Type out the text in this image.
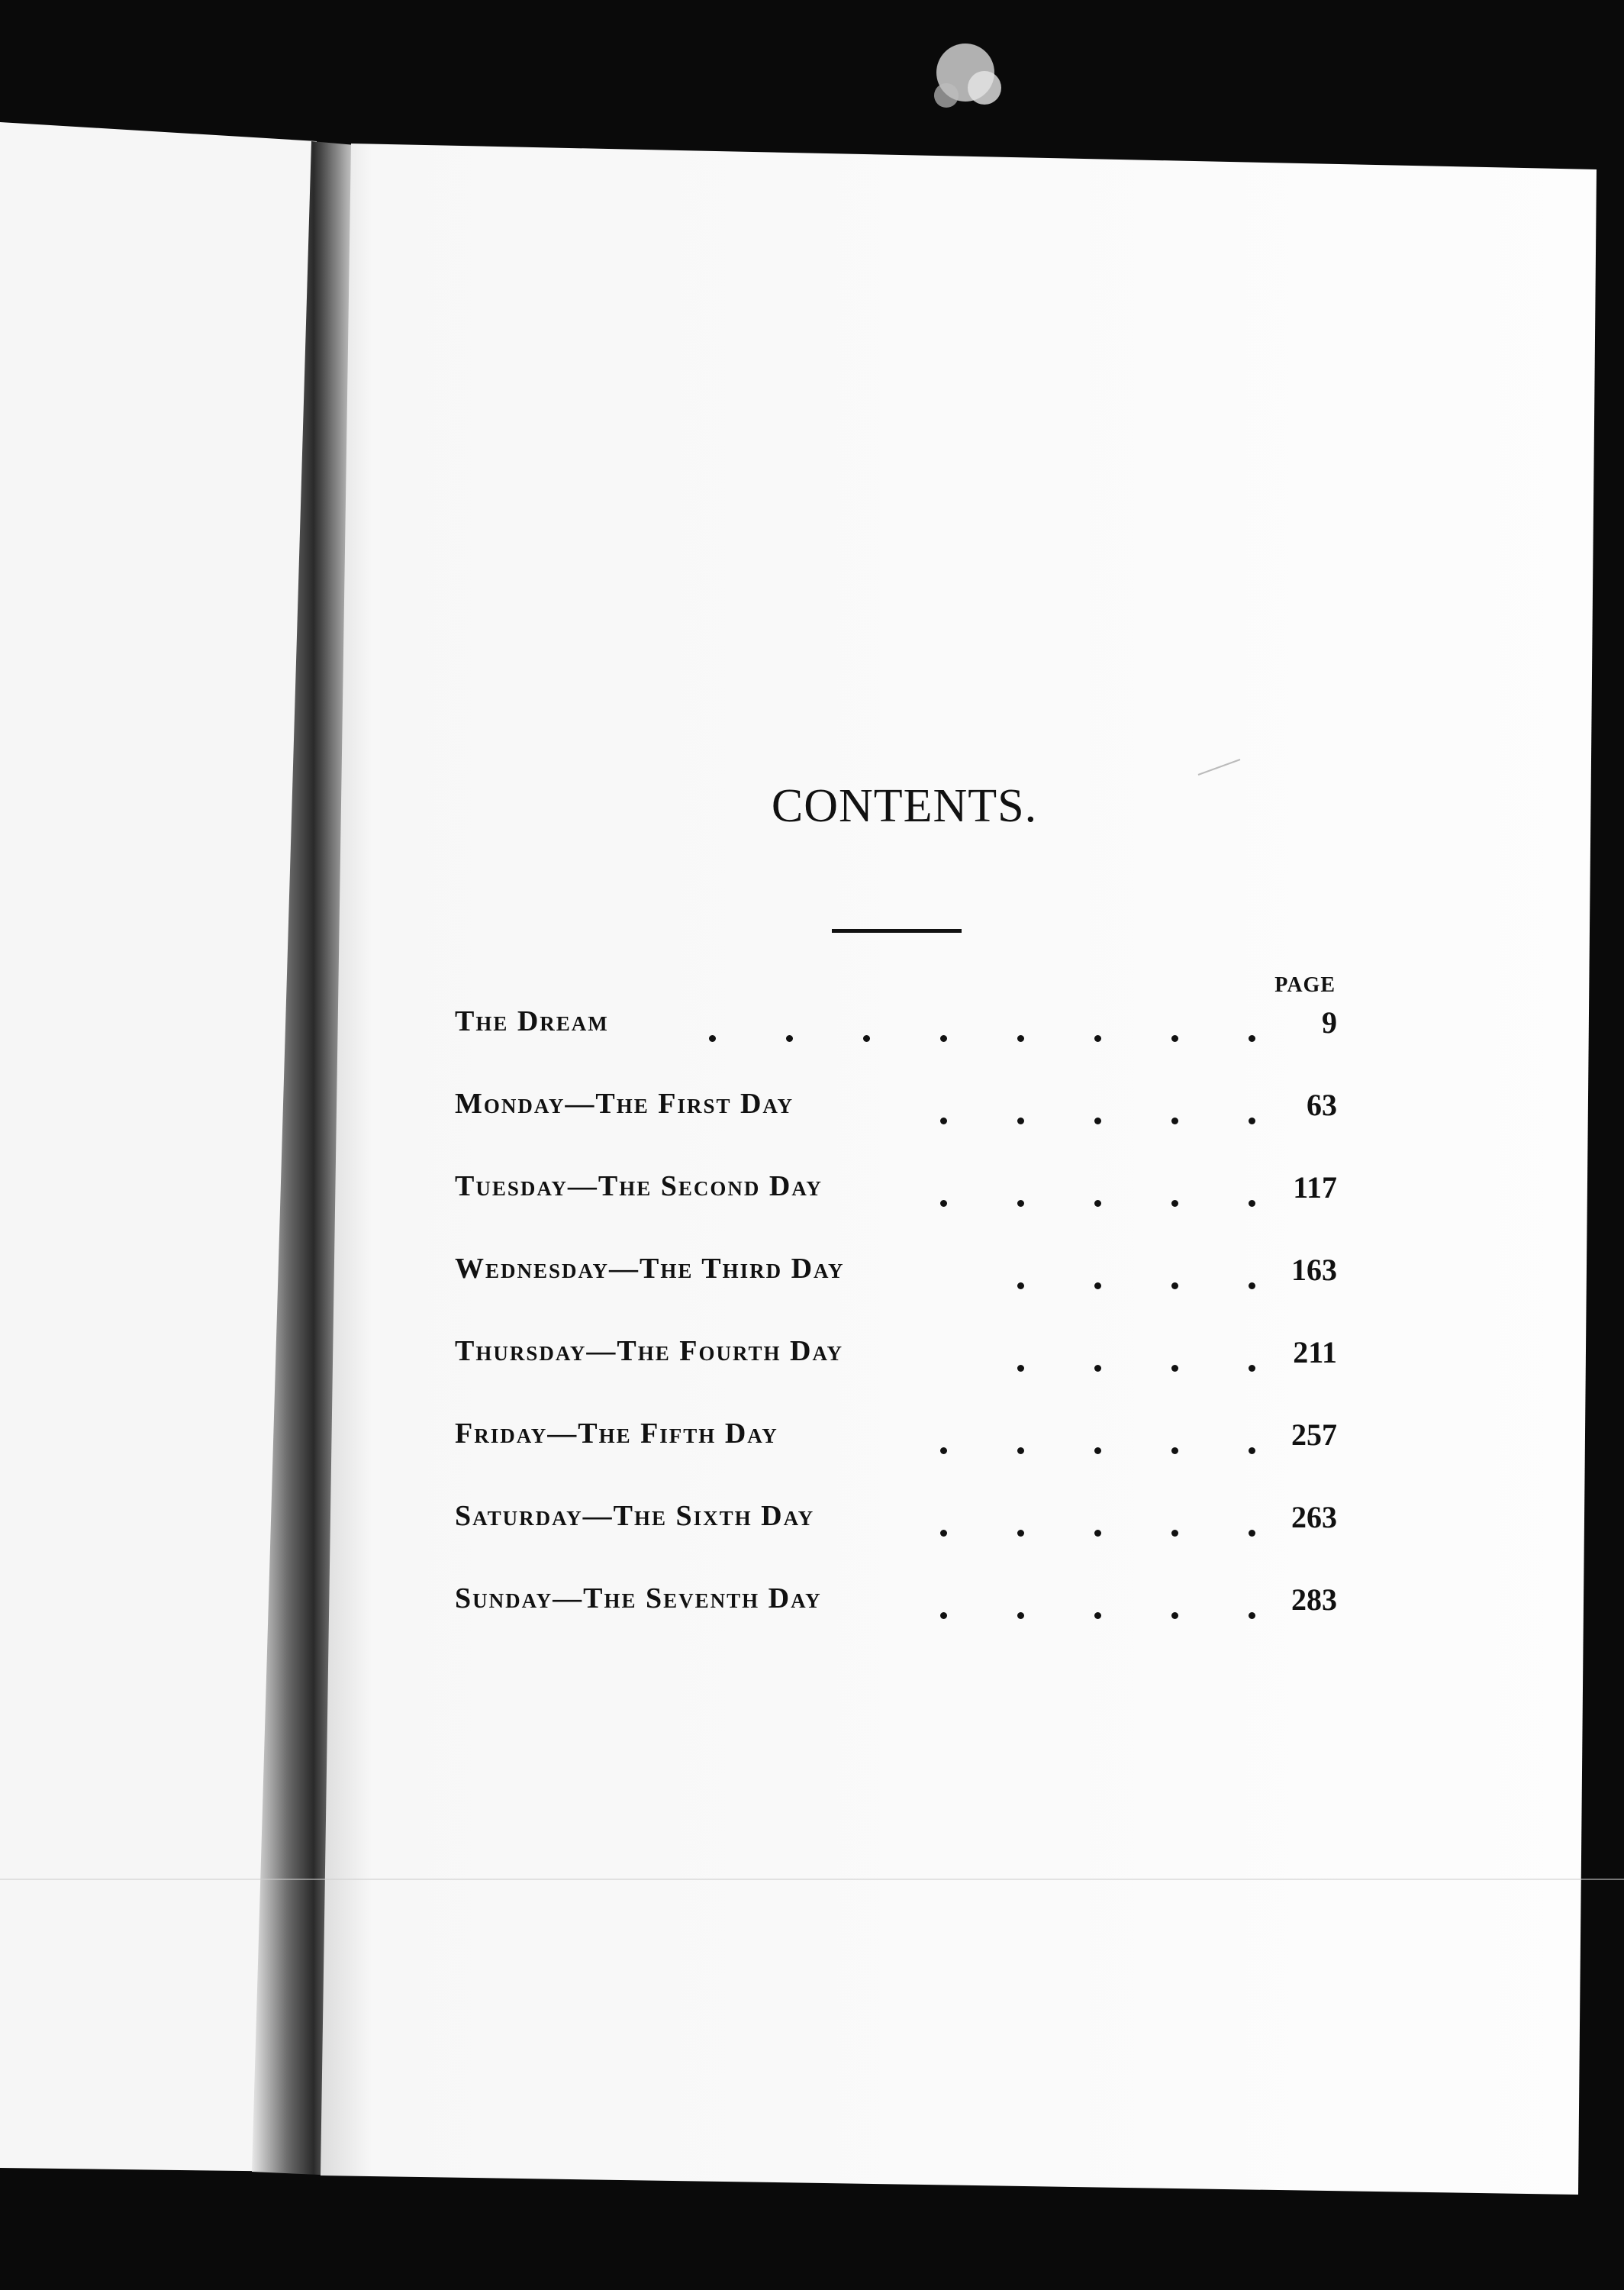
CONTENTS.
PAGE
The Dream	9
Monday—The First Day	63
Tuesday—The Second Day	117
Wednesday—The Third Day	163
Thursday—The Fourth Day	211
Friday—The Fifth Day	257
Saturday—The Sixth Day	263
Sunday—The Seventh Day	283
